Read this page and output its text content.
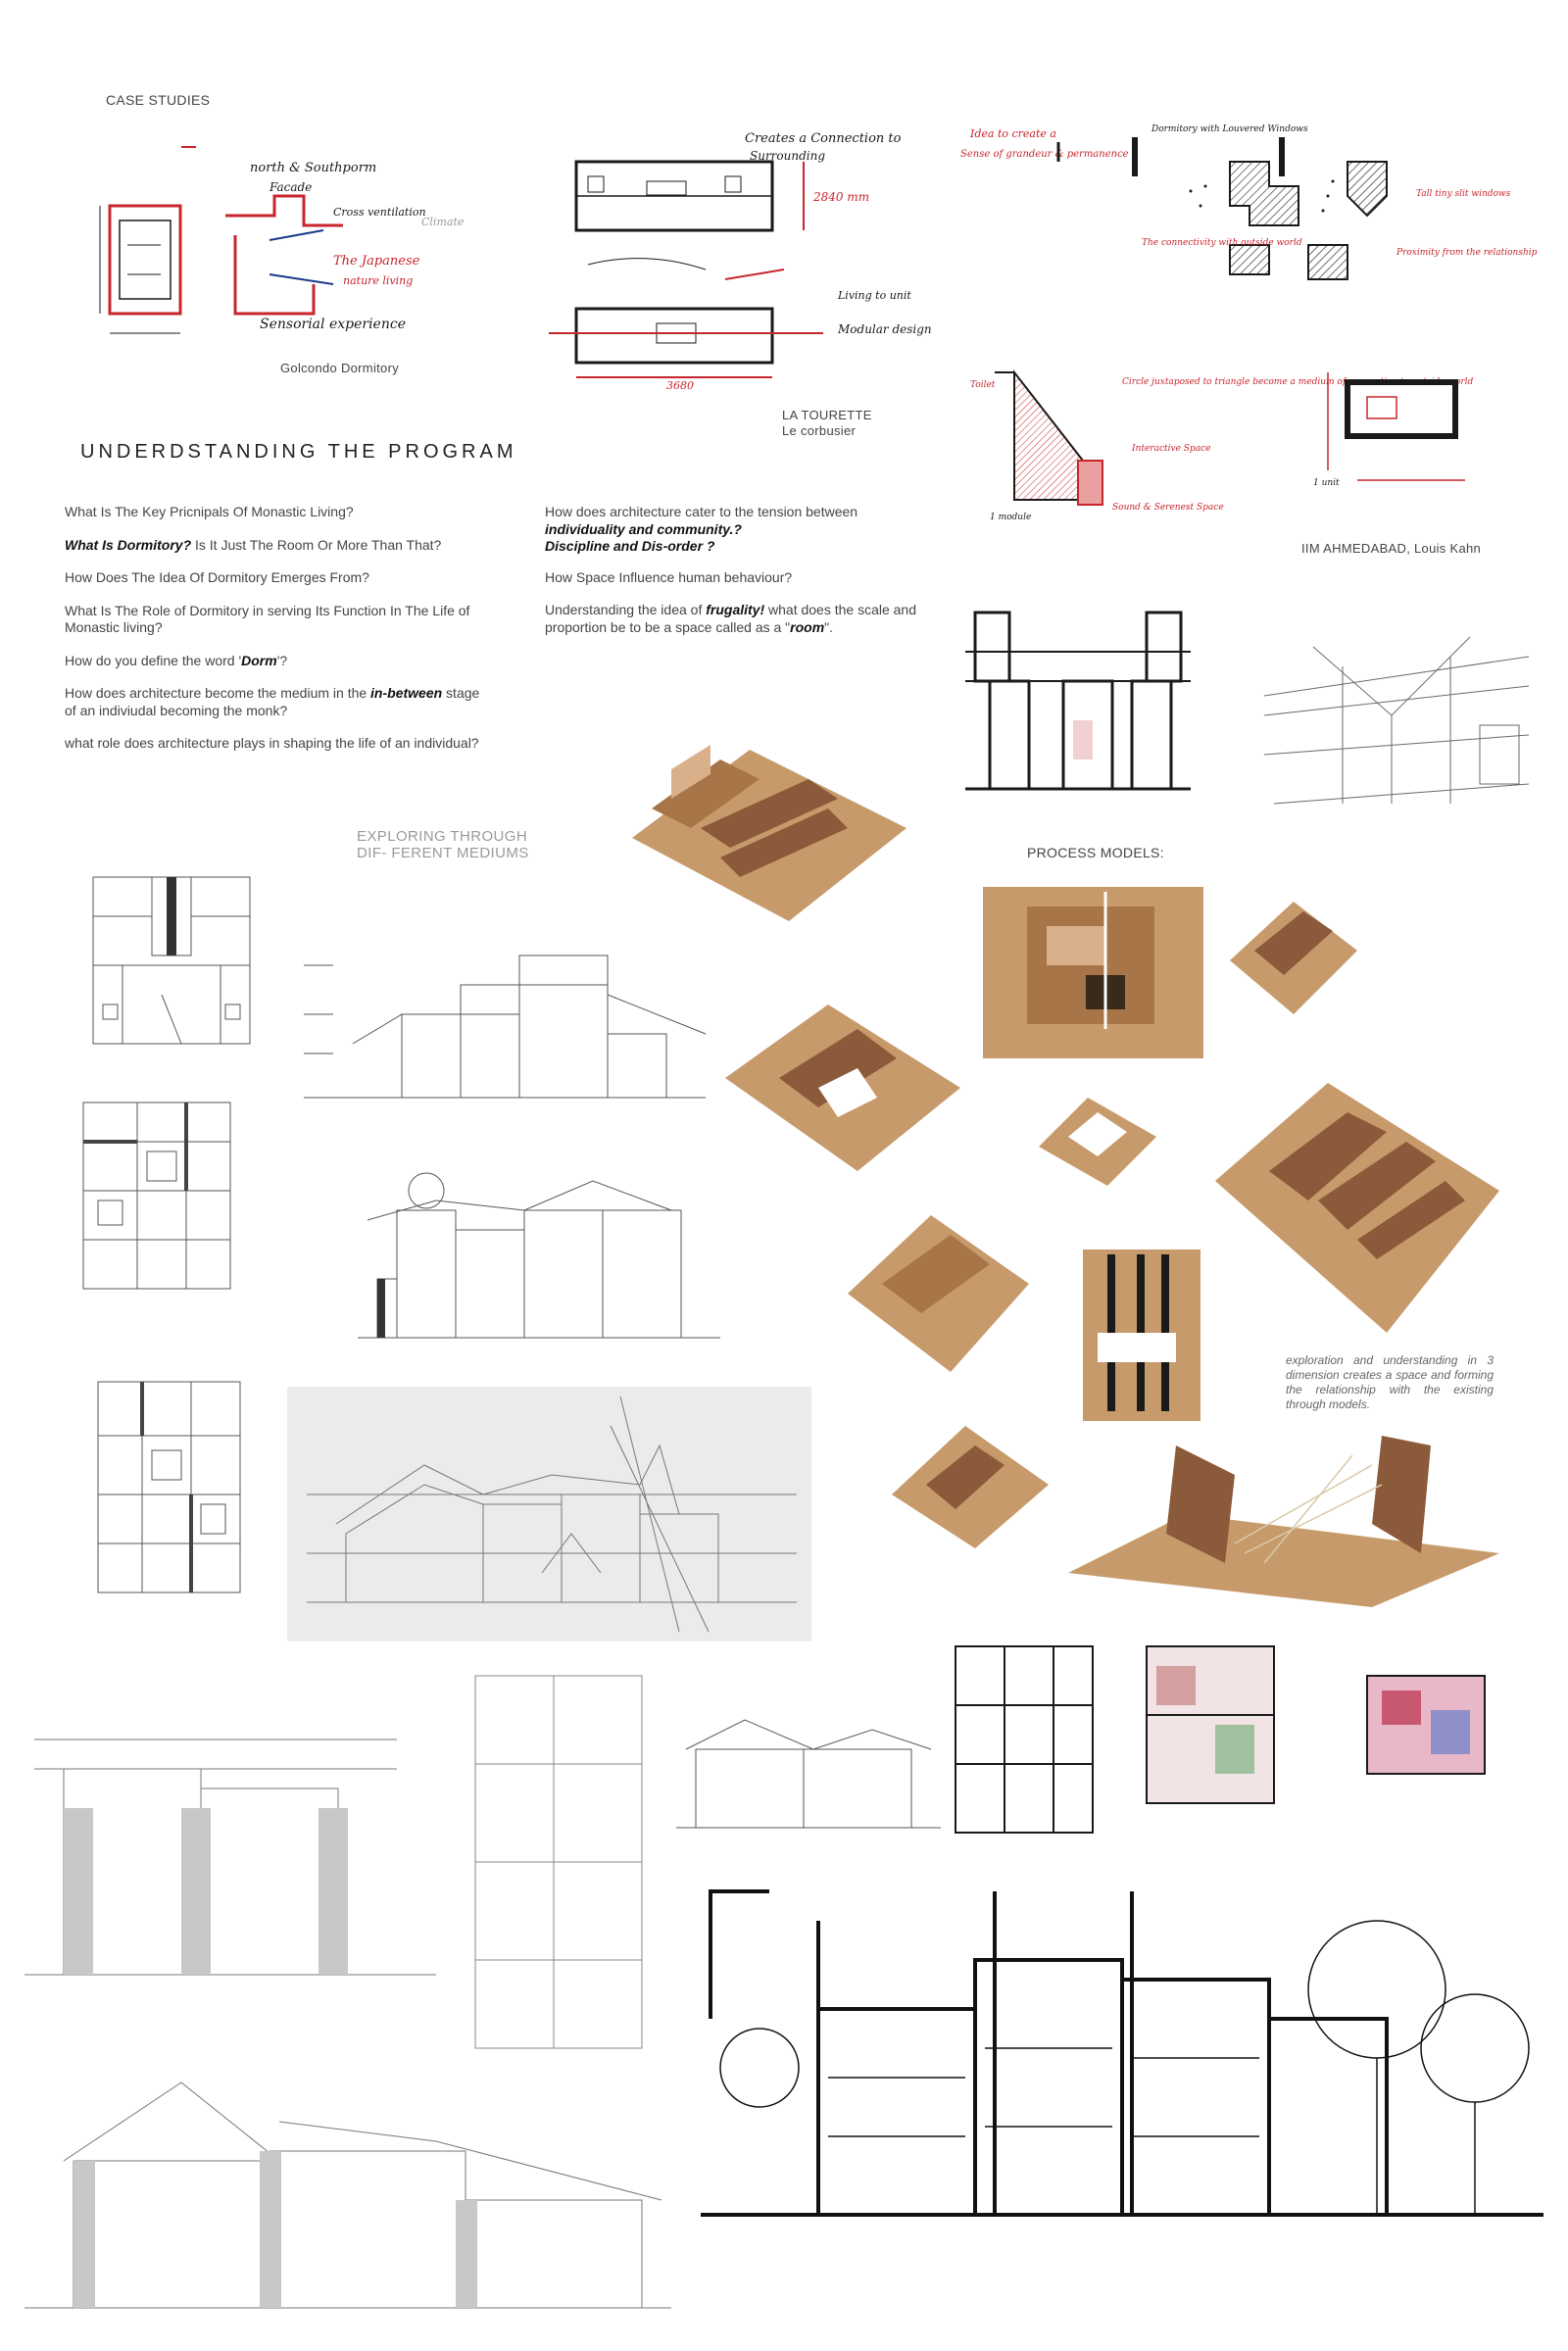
CASE STUDIES
north & Southporm
Facade
Cross ventilation
The Japanese
nature living
Sensorial experience
Climate
Golcondo Dormitory
Creates a Connection to
Surrounding
2840 mm
Living to unit
Modular design
3680
LA TOURETTE
Le corbusier
Idea to create a
Sense of grandeur & permanence
Dormitory with Louvered Windows
The connectivity with outside world
Tall tiny slit windows
Proximity from the relationship
Circle juxtaposed to triangle become a medium of connection to outside world
Interactive Space
Toilet
Sound & Serenest Space
1 module
1 unit
IIM AHMEDABAD, Louis Kahn
UNDERDSTANDING THE PROGRAM

What Is The Key Pricnipals Of Monastic Living?

What Is Dormitory? Is It Just The Room Or More Than That?

How Does The Idea Of Dormitory Emerges From?

What Is The Role of Dormitory in serving Its Function In The Life of Monastic living?

How do you define the word 'Dorm'?

How does architecture become the medium in the in-between stage of an indiviudal becoming the monk?

what role does architecture plays in shaping the life of an individual?

How does architecture cater to the tension between
individuality and community.?
Discipline and Dis-order ?

How Space Influence human behaviour?

Understanding the idea of frugality! what does the scale and proportion be to be a space called as a "room".

EXPLORING THROUGH DIF- FERENT MEDIUMS	PROCESS MODELS:
exploration and understanding in 3 dimension creates a space and forming the relationship with the existing through models.
